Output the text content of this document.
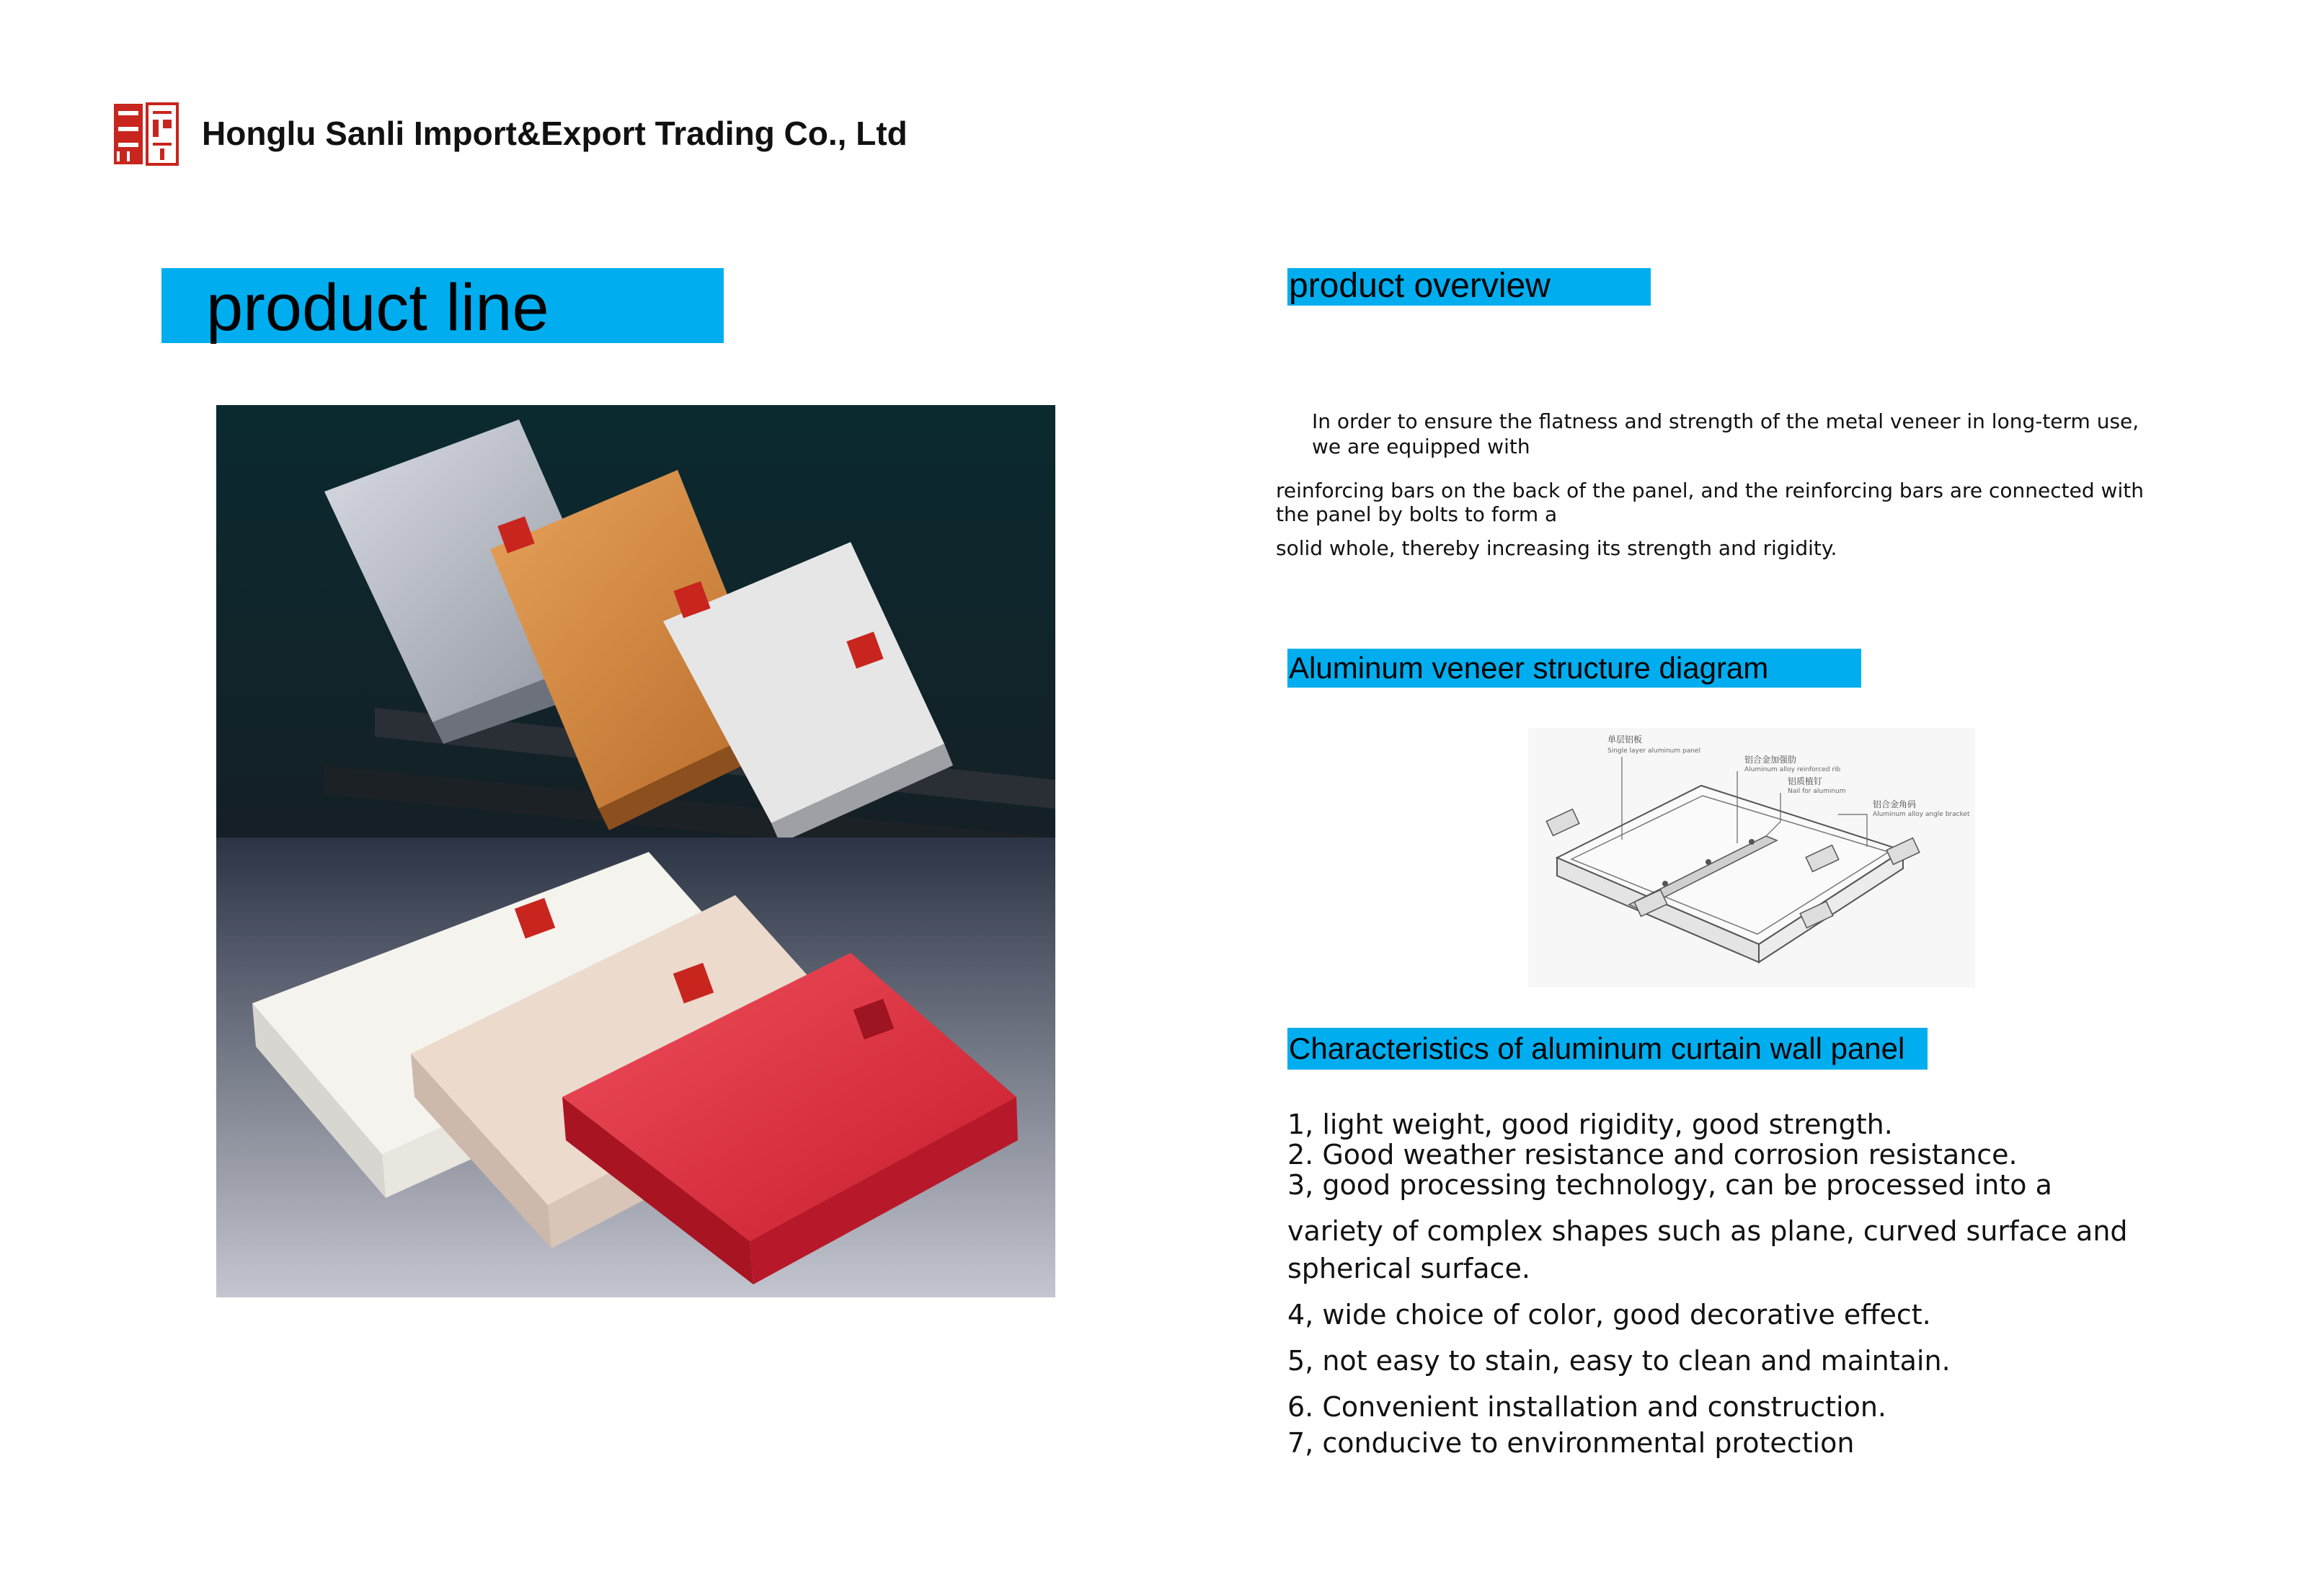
Honglu Sanli Import&Export Trading Co., Ltd
product line	product overview
In order to ensure the flatness and strength of the metal veneer in long-term use,
we are equipped with
reinforcing bars on the back of the panel, and the reinforcing bars are connected with
the panel by bolts to form a
solid whole, thereby increasing its strength and rigidity.
Aluminum veneer structure diagram
单层铝板
Single layer aluminum panel
铝合金加强肋
Aluminum alloy reinforced rib
铝质植钉
Nail for aluminum
铝合金角码
Aluminum alloy angle bracket
Characteristics of aluminum curtain wall panel
1, light weight, good rigidity, good strength.
2. Good weather resistance and corrosion resistance.
3, good processing technology, can be processed into a
variety of complex shapes such as plane, curved surface and
spherical surface.
4, wide choice of color, good decorative effect.
5, not easy to stain, easy to clean and maintain.
6. Convenient installation and construction.
7, conducive to environmental protection
